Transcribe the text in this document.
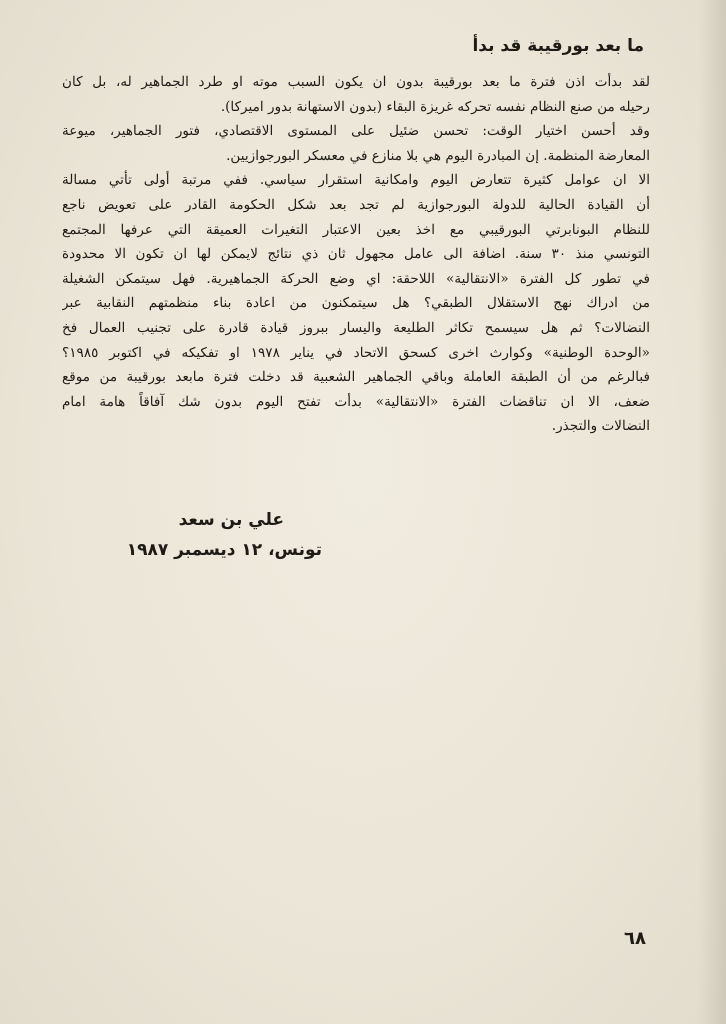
ما بعد بورقيبة قد بدأ
لقد بدأت اذن فترة ما بعد بورقيبة بدون ان يكون السبب موته او طرد الجماهير له، بل كان
رحيله من صنع النظام نفسه تحركه غريزة البقاء (بدون الاستهانة بدور اميركا).
وقد أحسن اختيار الوقت: تحسن ضئيل على المستوى الاقتصادي، فتور الجماهير، ميوعة
المعارضة المنظمة. إن المبادرة اليوم هي بلا منازع في معسكر البورجوازيين.
الا ان عوامل كثيرة تتعارض اليوم وامكانية استقرار سياسي. ففي مرتبة أولى تأتي مسالة
أن القيادة الحالية للدولة البورجوازية لم تجد بعد شكل الحكومة القادر على تعويض ناجع
للنظام البونابرتي البورقيبي مع اخذ بعين الاعتبار التغيرات العميقة التي عرفها المجتمع
التونسي منذ ٣٠ سنة. اضافة الى عامل مجهول ثان ذي نتائج لايمكن لها ان تكون الا محدودة
في تطور كل الفترة «الانتقالية» اللاحقة: اي وضع الحركة الجماهيرية. فهل سيتمكن الشغيلة
من ادراك نهج الاستقلال الطبقي؟ هل سيتمكنون من اعادة بناء منظمتهم النقابية عبر
النضالات؟ ثم هل سيسمح تكاثر الطليعة واليسار ببروز قيادة قادرة على تجنيب العمال فخ
«الوحدة الوطنية» وكوارث اخرى كسحق الاتحاد في يناير ١٩٧٨ او تفكيكه في اكتوبر ١٩٨٥؟
فبالرغم من أن الطبقة العاملة وباقي الجماهير الشعبية قد دخلت فترة مابعد بورقيبة من موقع
ضعف، الا ان تناقضات الفترة «الانتقالية» بدأت تفتح اليوم بدون شك آفاقاً هامة امام
النضالات والتجذر.
علي بن سعد
تونس، ١٢ ديسمبر ١٩٨٧
٦٨
